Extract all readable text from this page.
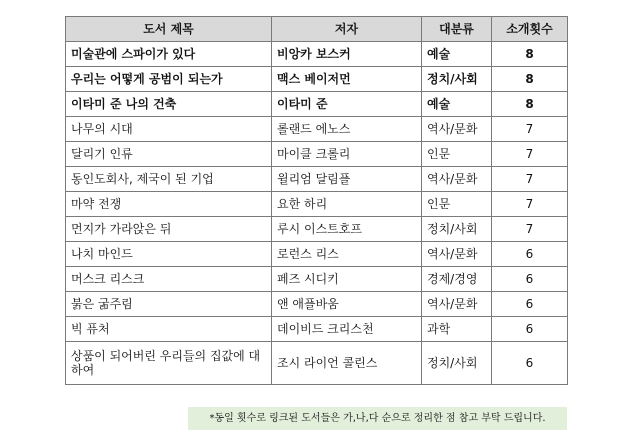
도서 제목	저자	대분류	소개횟수
미술관에 스파이가 있다	비앙카 보스커	예술	8
우리는 어떻게 공범이 되는가	맥스 베이저먼	정치/사회	8
이타미 준 나의 건축	이타미 준	예술	8
나무의 시대	롤랜드 에노스	역사/문화	7
달리기 인류	마이클 크롤리	인문	7
동인도회사, 제국이 된 기업	윌리엄 달림플	역사/문화	7
마약 전쟁	요한 하리	인문	7
먼지가 가라앉은 뒤	루시 이스트호프	정치/사회	7
나치 마인드	로런스 리스	역사/문화	6
머스크 리스크	페즈 시디키	경제/경영	6
붉은 굶주림	앤 애플바움	역사/문화	6
빅 퓨처	데이비드 크리스천	과학	6
상품이 되어버린 우리들의 집값에 대하여	조시 라이언 콜린스	정치/사회	6
*동일 횟수로 링크된 도서들은 가,나,다 순으로 정리한 점 참고 부탁 드립니다.
